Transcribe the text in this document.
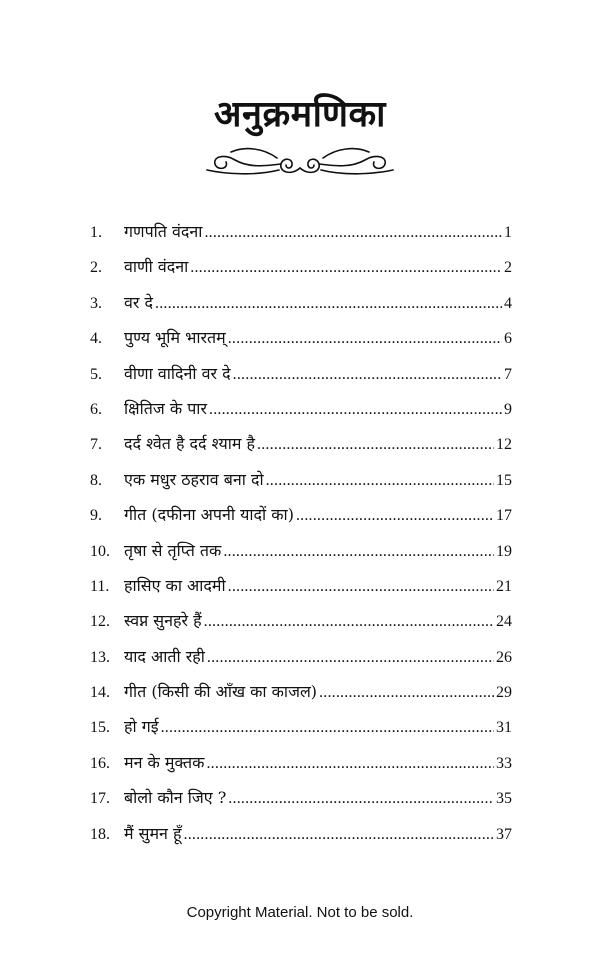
अनुक्रमणिका
1.	गणपति वंदना .....	1
2.	वाणी वंदना .....	2
3.	वर दे .....	4
4.	पुण्य भूमि भारतम् .....	6
5.	वीणा वादिनी वर दे .....	7
6.	क्षितिज के पार .....	9
7.	दर्द श्वेत है दर्द श्याम है .....	12
8.	एक मधुर ठहराव बना दो .....	15
9.	गीत (दफीना अपनी यादों का) .....	17
10. तृषा से तृप्ति तक .....	19
11. हासिए का आदमी .....	21
12. स्वप्न सुनहरे हैं .....	24
13. याद आती रही .....	26
14. गीत (किसी की आँख का काजल) .....	29
15. हो गई .....	31
16. मन के मुक्तक .....	33
17. बोलो कौन जिए ? .....	35
18. मैं सुमन हूँ .....	37
Copyright Material. Not to be sold.
